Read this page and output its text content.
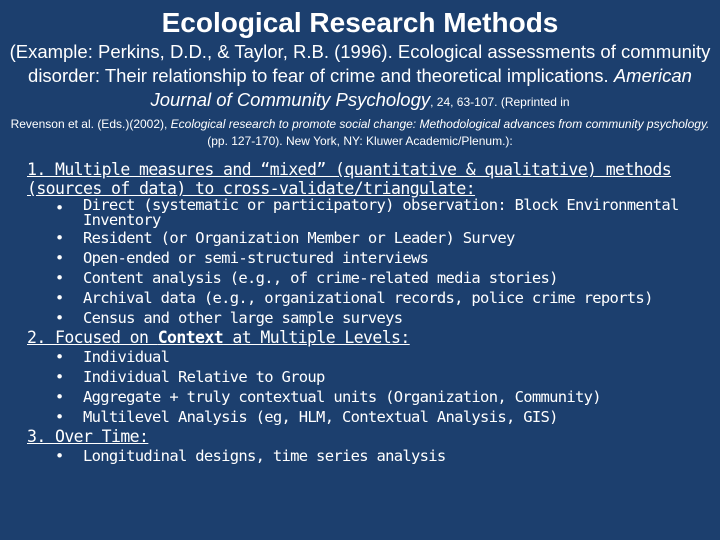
Ecological Research Methods
(Example: Perkins, D.D., & Taylor, R.B. (1996). Ecological assessments of community disorder: Their relationship to fear of crime and theoretical implications. American Journal of Community Psychology, 24, 63-107. (Reprinted in
Revenson et al. (Eds.)(2002), Ecological research to promote social change: Methodological advances from community psychology. (pp. 127-170). New York, NY: Kluwer Academic/Plenum.):

1. Multiple measures and “mixed” (quantitative & qualitative) methods (sources of data) to cross-validate/triangulate:

• Direct (systematic or participatory) observation: Block Environmental Inventory
• Resident (or Organization Member or Leader) Survey
• Open-ended or semi-structured interviews
• Content analysis (e.g., of crime-related media stories)
• Archival data (e.g., organizational records, police crime reports)
• Census and other large sample surveys

2. Focused on Context at Multiple Levels:

• Individual
• Individual Relative to Group
• Aggregate + truly contextual units (Organization, Community)
• Multilevel Analysis (eg, HLM, Contextual Analysis, GIS)

3. Over Time:

• Longitudinal designs, time series analysis
